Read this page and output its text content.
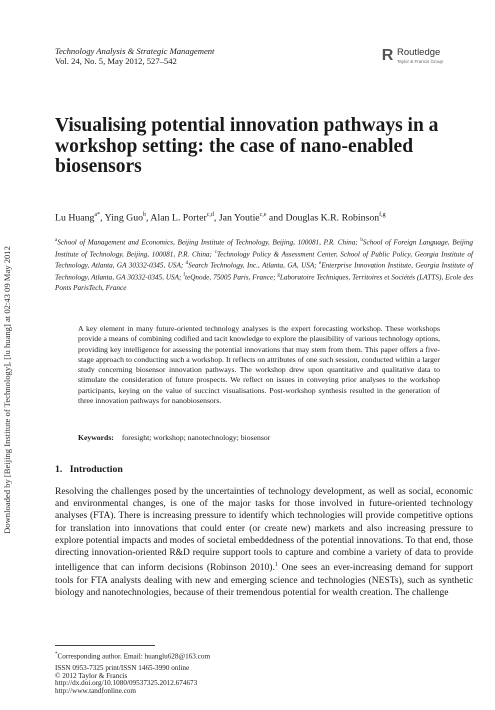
Downloaded by [Beijing Institute of Technology], [lu huang] at 02:43 09 May 2012
Technology Analysis & Strategic Management
Vol. 24, No. 5, May 2012, 527–542	R Routledge
Taylor & Francis Group
Visualising potential innovation pathways in a workshop setting: the case of nano-enabled biosensors
Lu Huang$^{a*}$, Ying Guo$^b$, Alan L. Porter$^{c,d}$, Jan Youtie$^{c,e}$ and Douglas K.R. Robinson$^{f,g}$
$^a$School of Management and Economics, Beijing Institute of Technology, Beijing, 100081, P.R. China; $^b$School of Foreign Language, Beijing Institute of Technology, Beijing, 100081, P.R. China; $^c$Technology Policy & Assessment Center, School of Public Policy, Georgia Institute of Technology, Atlanta, GA 30332-0345, USA; $^d$Search Technology, Inc., Atlanta, GA, USA; $^e$Enterprise Innovation Institute, Georgia Institute of Technology, Atlanta, GA 30332-0345, USA; $^f$teQnode, 75005 Paris, France; $^g$Laboratoire Techniques, Territoires et Sociétés (LATTS), Ecole des Ponts ParisTech, France
A key element in many future-oriented technology analyses is the expert forecasting workshop. These workshops provide a means of combining codified and tacit knowledge to explore the plausibility of various technology options, providing key intelligence for assessing the potential innovations that may stem from them. This paper offers a five-stage approach to conducting such a workshop. It reflects on attributes of one such session, conducted within a larger study concerning biosensor innovation pathways. The workshop drew upon quantitative and qualitative data to stimulate the consideration of future prospects. We reflect on issues in conveying prior analyses to the workshop participants, keying on the value of succinct visualisations. Post-workshop synthesis resulted in the generation of three innovation pathways for nanobiosensors.
Keywords: foresight; workshop; nanotechnology; biosensor
1.   Introduction
Resolving the challenges posed by the uncertainties of technology development, as well as social, economic and environmental changes, is one of the major tasks for those involved in future-oriented technology analyses (FTA). There is increasing pressure to identify which technologies will provide competitive options for translation into innovations that could enter (or create new) markets and also increasing pressure to explore potential impacts and modes of societal embeddedness of the potential innovations. To that end, those directing innovation-oriented R&D require support tools to capture and combine a variety of data to provide intelligence that can inform decisions (Robinson 2010).$^1$ One sees an ever-increasing demand for support tools for FTA analysts dealing with new and emerging science and technologies (NESTs), such as synthetic biology and nanotechnologies, because of their tremendous potential for wealth creation. The challenge
*Corresponding author. Email: huanglu628@163.com
ISSN 0953-7325 print/ISSN 1465-3990 online
© 2012 Taylor & Francis
http://dx.doi.org/10.1080/09537325.2012.674673
http://www.tandfonline.com
